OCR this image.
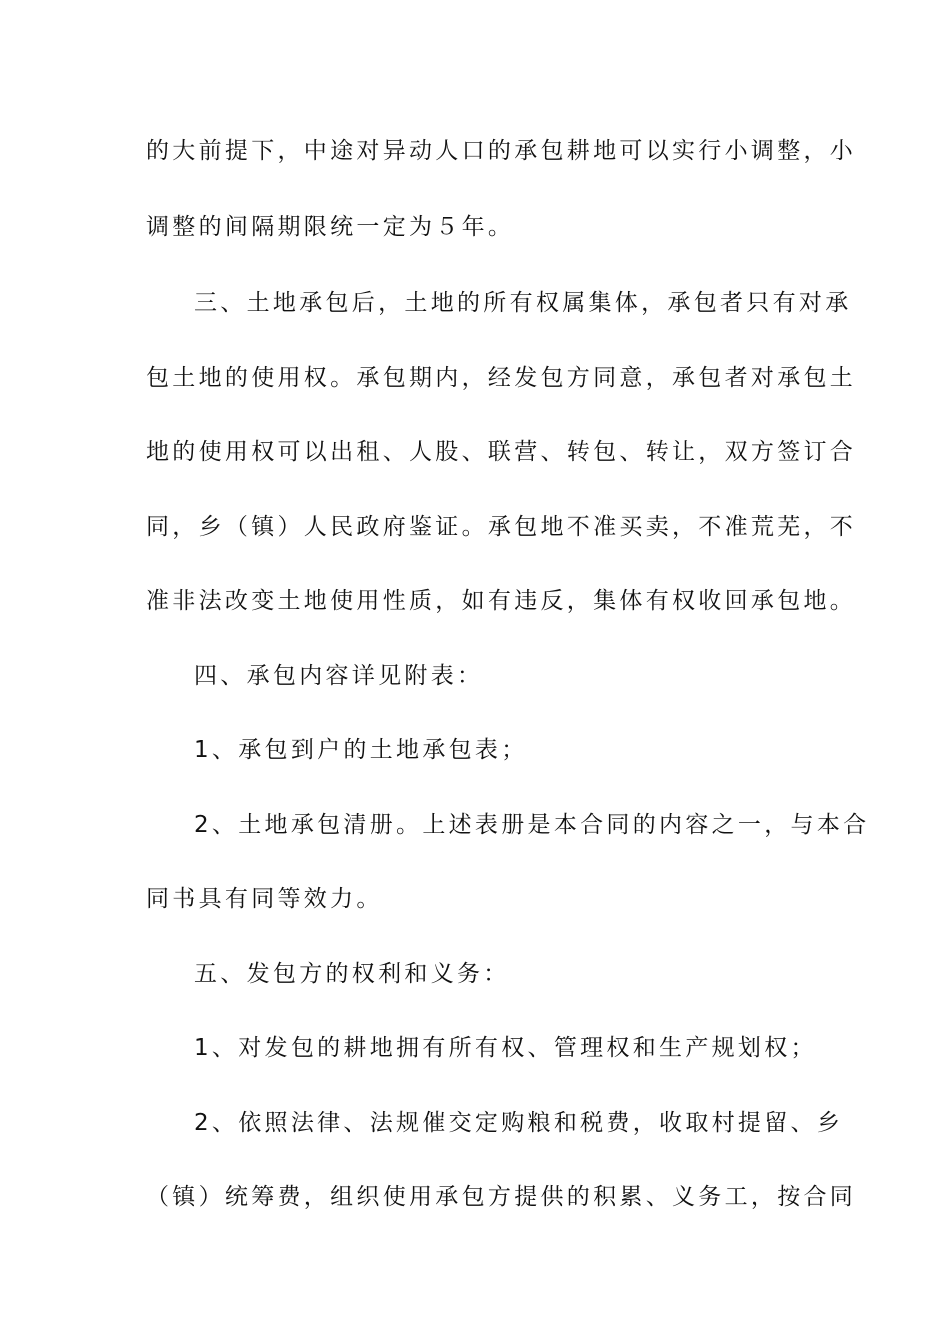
的大前提下，中途对异动人口的承包耕地可以实行小调整，小
调整的间隔期限统一定为５年。
三、土地承包后，土地的所有权属集体，承包者只有对承
包土地的使用权。承包期内，经发包方同意，承包者对承包土
地的使用权可以出租、人股、联营、转包、转让，双方签订合
同，乡（镇）人民政府鉴证。承包地不准买卖，不准荒芜，不
准非法改变土地使用性质，如有违反，集体有权收回承包地。
四、承包内容详见附表：
1、承包到户的土地承包表；
2、土地承包清册。上述表册是本合同的内容之一，与本合
同书具有同等效力。
五、发包方的权利和义务：
1、对发包的耕地拥有所有权、管理权和生产规划权；
2、依照法律、法规催交定购粮和税费，收取村提留、乡
（镇）统筹费，组织使用承包方提供的积累、义务工，按合同
